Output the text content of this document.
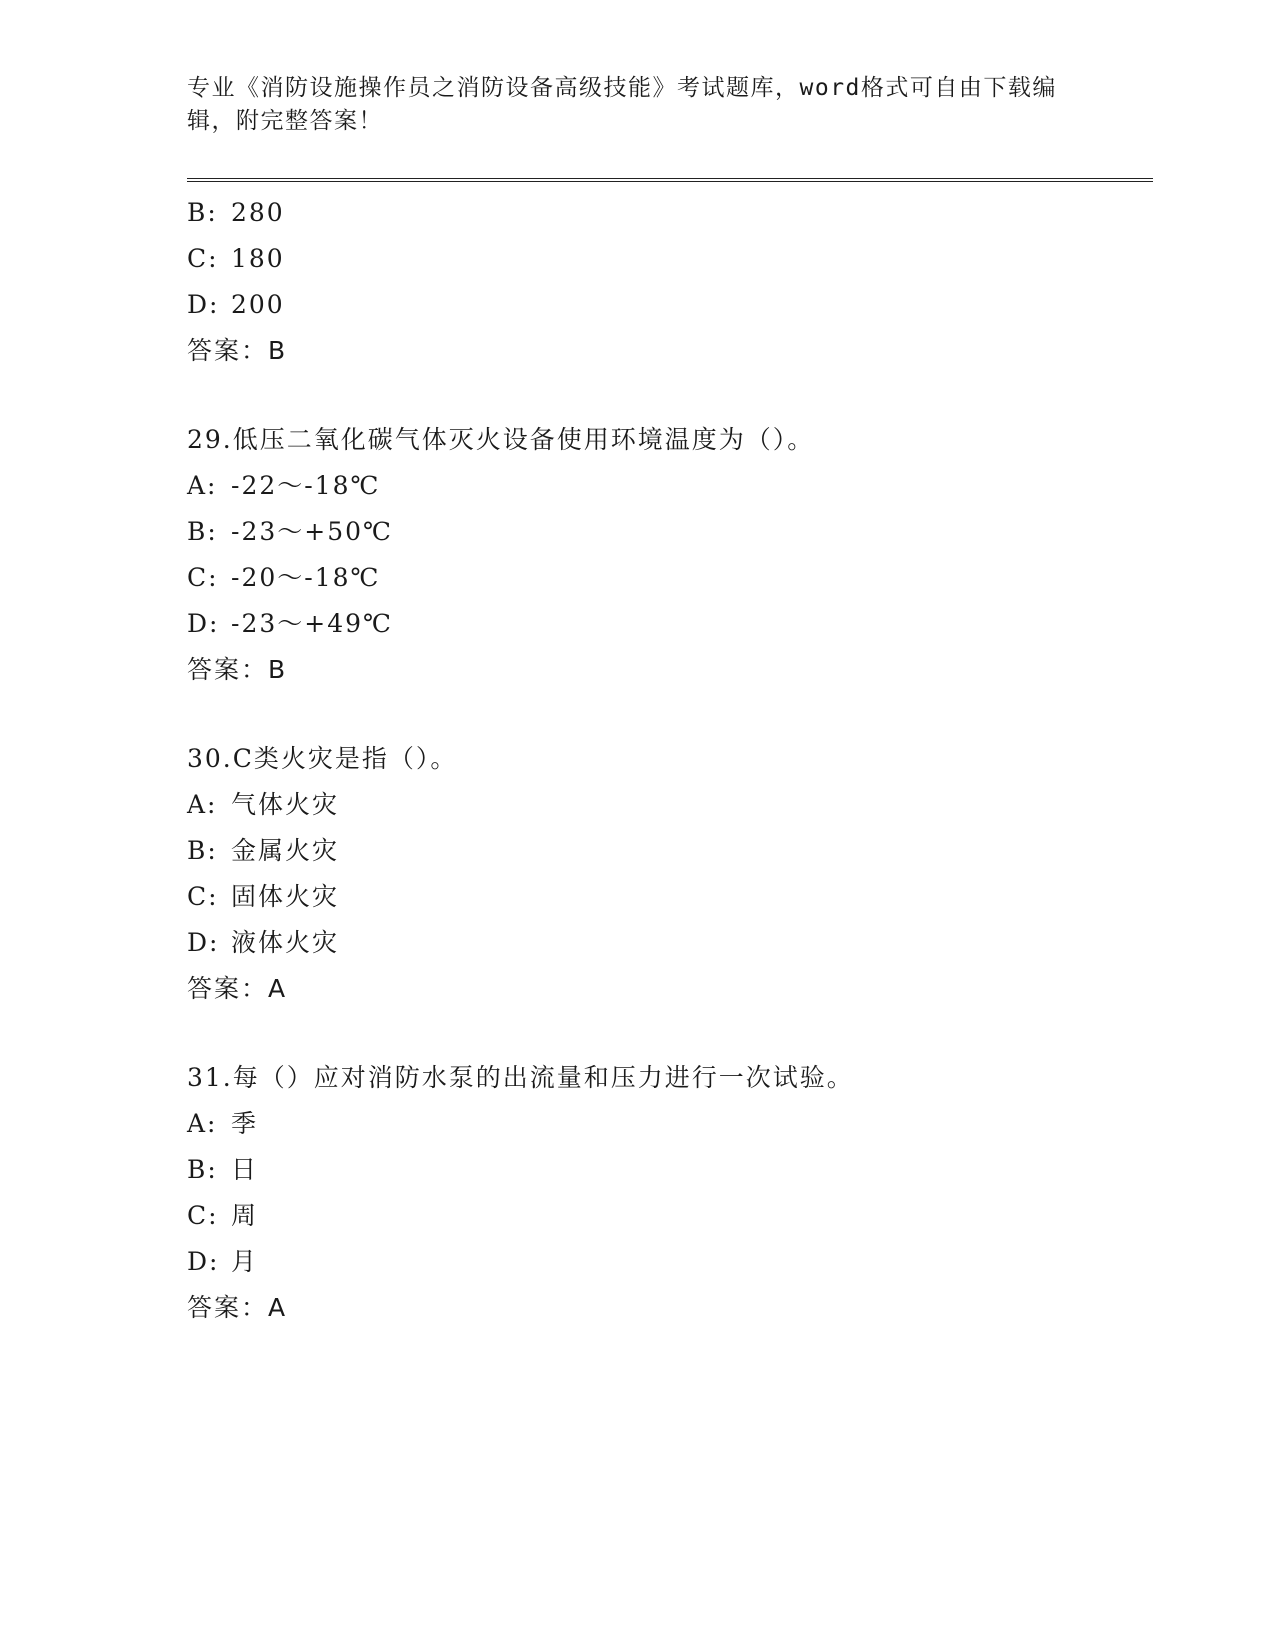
专业《消防设施操作员之消防设备高级技能》考试题库，word格式可自由下载编
辑，附完整答案！
B: 280
C: 180
D: 200
答案：B
29.低压二氧化碳气体灭火设备使用环境温度为（）。
A: -22～-18℃
B: -23～+50℃
C: -20～-18℃
D: -23～+49℃
答案：B
30.C类火灾是指（）。
A: 气体火灾
B: 金属火灾
C: 固体火灾
D: 液体火灾
答案：A
31.每（）应对消防水泵的出流量和压力进行一次试验。
A: 季
B: 日
C: 周
D: 月
答案：A
